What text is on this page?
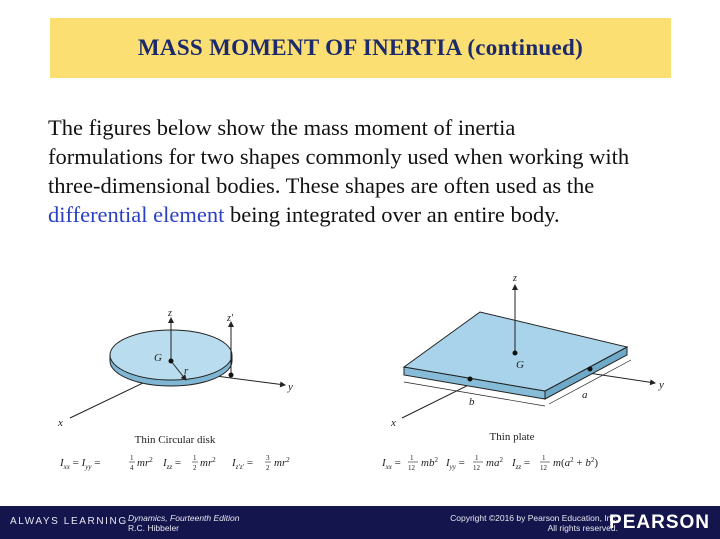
MASS MOMENT OF INERTIA (continued)
The figures below show the mass moment of inertia
formulations for two shapes commonly used when working with
three-dimensional bodies. These shapes are often used as the
differential element being integrated over an entire body.
z	z'
G
r
x
y
Thin Circular disk
$I_{xx} = I_{yy}$ =	1
4 $mr^2$ $I_{zz} = 1$
2 $mr^2$ $I_{z'z'} = 3$
2 $mr^2$
z
G
x
y
a
b
Thin plate
$I_{xx} = 1$
12 $mb^2$ $I_{yy} = 1$
12 $ma^2$ $I_{zz} = 1$
12 $m(a^2 + b^2)$
ALWAYS LEARNING Dynamics, Fourteenth Edition
R.C. Hibbeler
Copyright ©2016 by Pearson Education, Inc.
All rights reserved.
PEARSON
